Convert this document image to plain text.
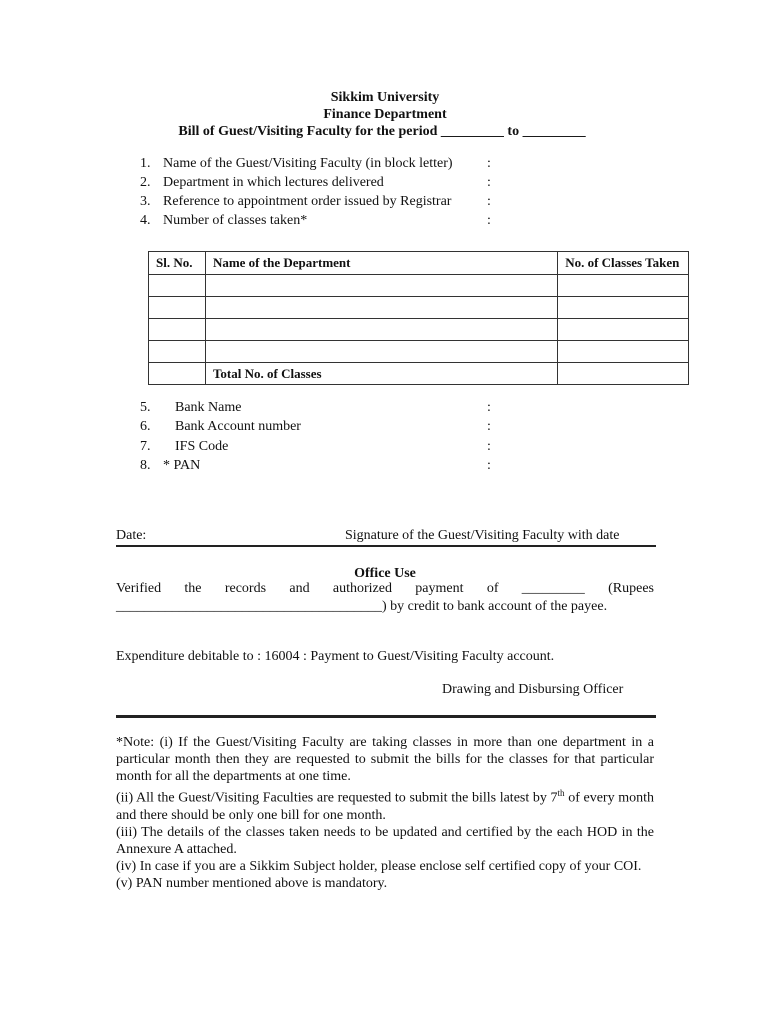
Sikkim University
Finance Department
Bill of Guest/Visiting Faculty for the period _________ to _________
1. Name of the Guest/Visiting Faculty (in block letter) :
2. Department in which lectures delivered	:
3. Reference to appointment order issued by Registrar	:
4. Number of classes taken*	:
Sl. No.	Name of the Department	No. of Classes Taken

	Total No. of Classes	
5. Bank Name	:
6. Bank Account number	:
7. IFS Code	:
8. * PAN	:
Date:	Signature of the Guest/Visiting Faculty with date
Office Use
Verified the records and authorized payment of _________ (Rupees ______________________________________) by credit to bank account of the payee.
Expenditure debitable to : 16004 : Payment to Guest/Visiting Faculty account.
Drawing and Disbursing Officer

*Note: (i) If the Guest/Visiting Faculty are taking classes in more than one department in a particular month then they are requested to submit the bills for the classes for that particular month for all the departments at one time.

(ii) All the Guest/Visiting Faculties are requested to submit the bills latest by 7th of every month and there should be only one bill for one month.

(iii) The details of the classes taken needs to be updated and certified by the each HOD in the Annexure A attached.

(iv) In case if you are a Sikkim Subject holder, please enclose self certified copy of your COI.

(v) PAN number mentioned above is mandatory.
